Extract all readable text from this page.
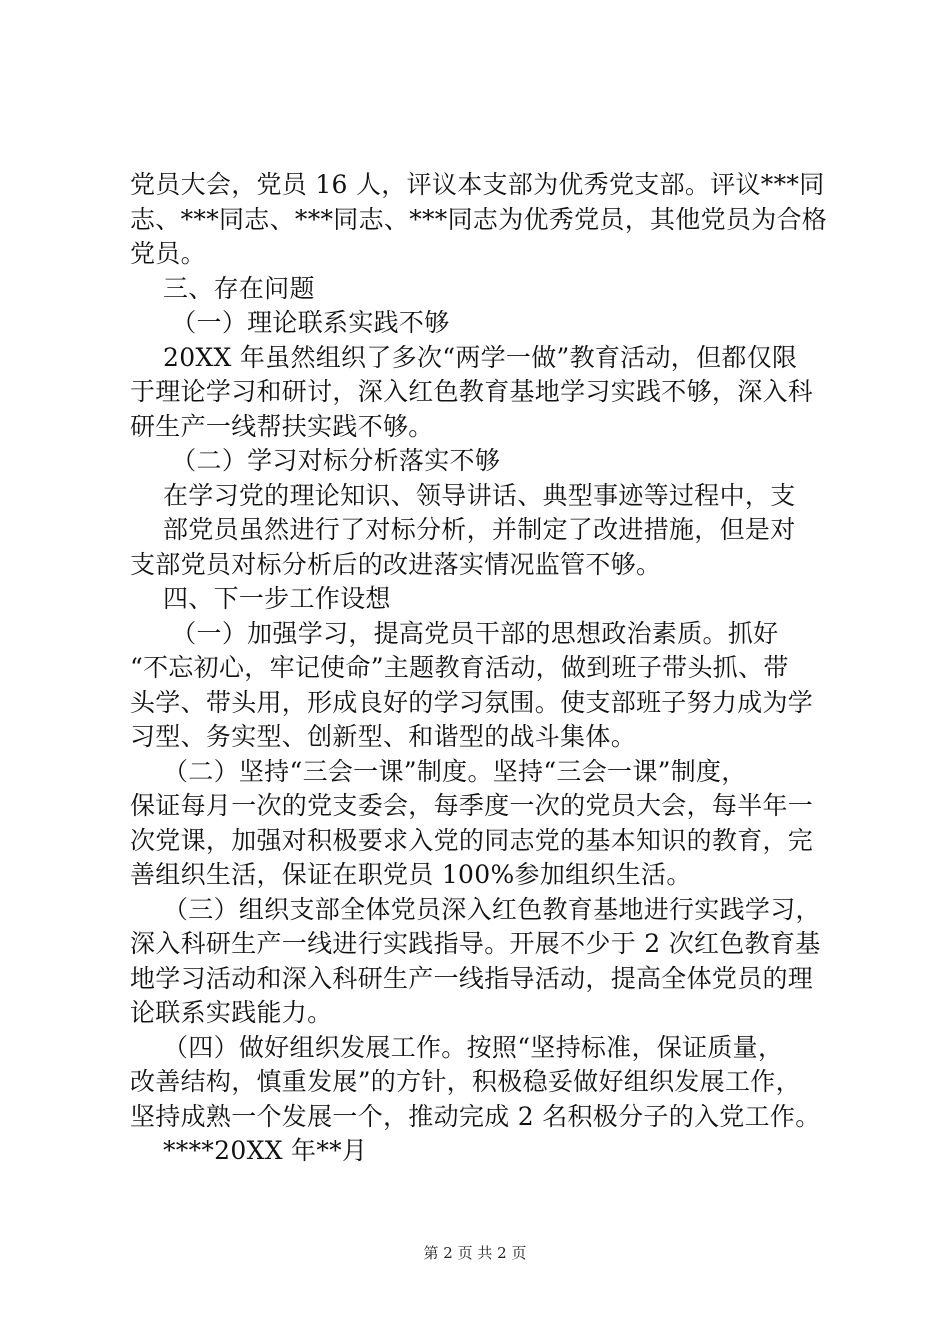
党员大会，党员 16 人，评议本支部为优秀党支部。评议***同
志、***同志、***同志、***同志为优秀党员，其他党员为合格
党员。
三、存在问题
（一）理论联系实践不够
20XX 年虽然组织了多次“两学一做”教育活动，但都仅限
于理论学习和研讨，深入红色教育基地学习实践不够，深入科
研生产一线帮扶实践不够。
（二）学习对标分析落实不够
在学习党的理论知识、领导讲话、典型事迹等过程中，支
部党员虽然进行了对标分析，并制定了改进措施，但是对
支部党员对标分析后的改进落实情况监管不够。
四、下一步工作设想
（一）加强学习，提高党员干部的思想政治素质。抓好
“不忘初心，牢记使命”主题教育活动，做到班子带头抓、带
头学、带头用，形成良好的学习氛围。使支部班子努力成为学
习型、务实型、创新型、和谐型的战斗集体。
（二）坚持“三会一课”制度。坚持“三会一课”制度，
保证每月一次的党支委会，每季度一次的党员大会，每半年一
次党课，加强对积极要求入党的同志党的基本知识的教育，完
善组织生活，保证在职党员 100%参加组织生活。
（三）组织支部全体党员深入红色教育基地进行实践学习，
深入科研生产一线进行实践指导。开展不少于 2 次红色教育基
地学习活动和深入科研生产一线指导活动，提高全体党员的理
论联系实践能力。
（四）做好组织发展工作。按照“坚持标准，保证质量，
改善结构，慎重发展”的方针，积极稳妥做好组织发展工作，
坚持成熟一个发展一个，推动完成 2 名积极分子的入党工作。
****20XX 年**月
第 2 页 共 2 页
